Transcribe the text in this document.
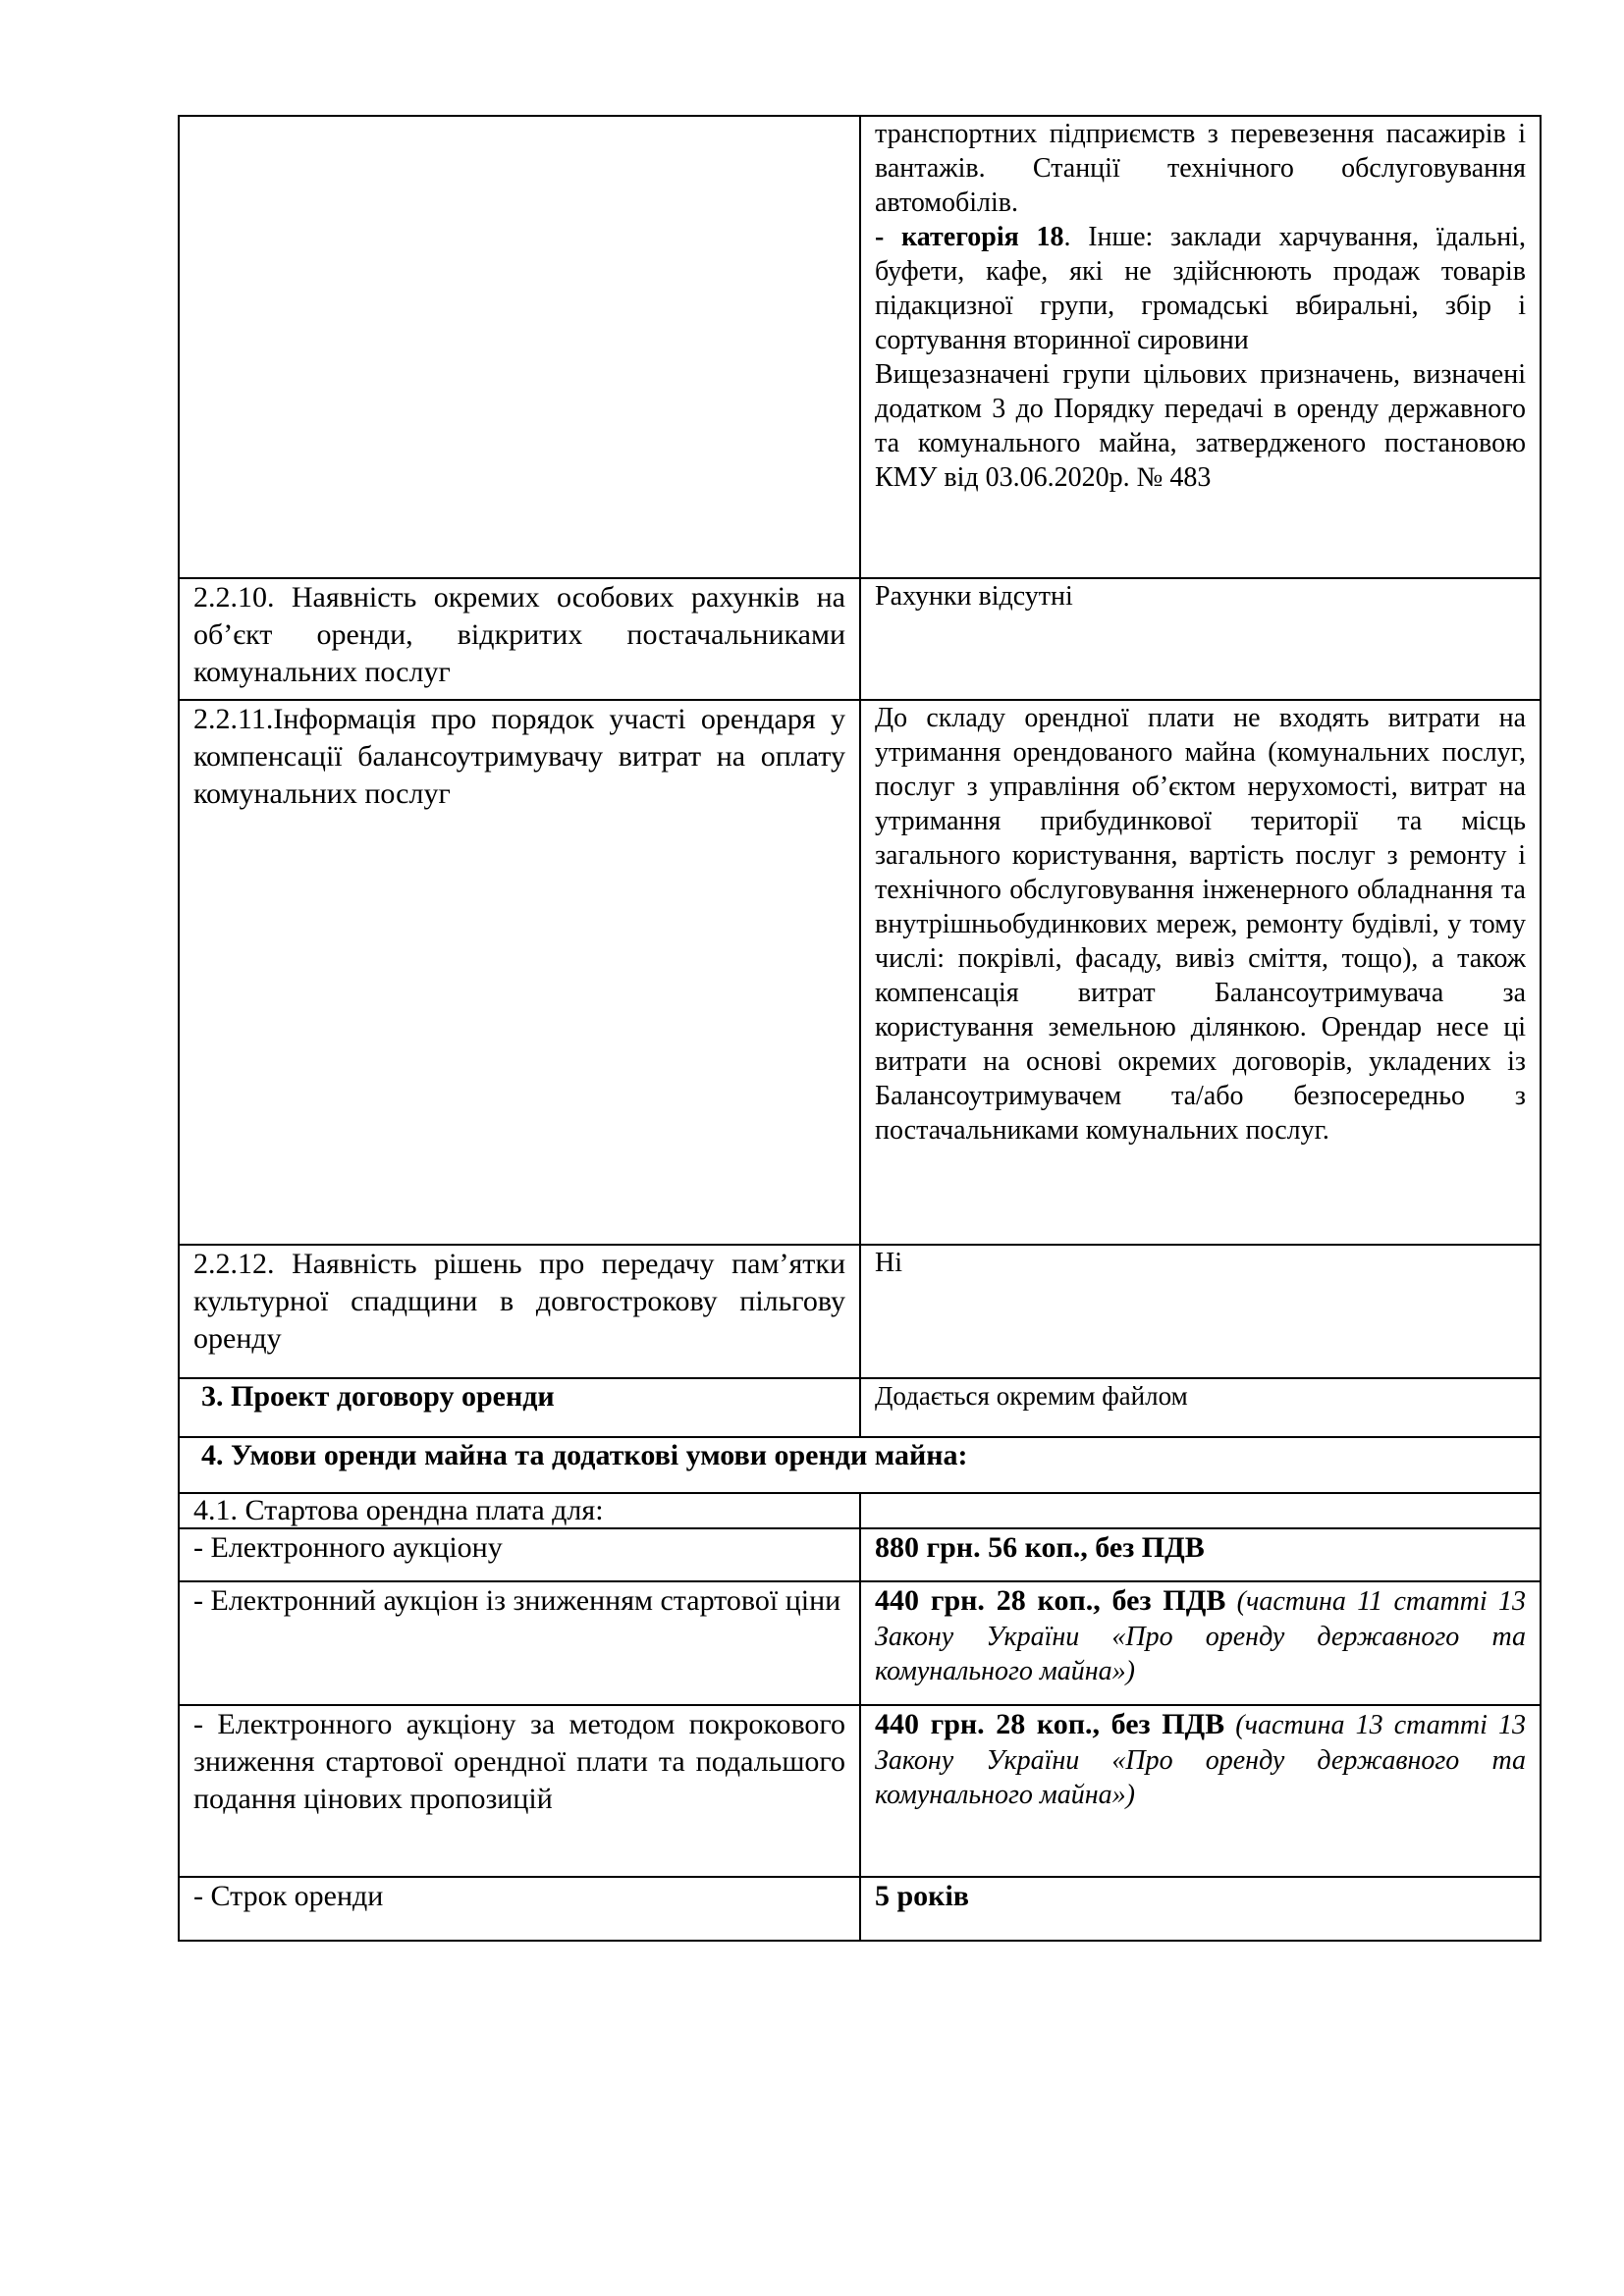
	транспортних підприємств з перевезення пасажирів і вантажів. Станції технічного обслуговування автомобілів.

- категорія 18. Інше: заклади харчування, їдальні, буфети, кафе, які не здійснюють продаж товарів підакцизної групи, громадські вбиральні, збір і сортування вторинної сировини

Вищезазначені групи цільових призначень, визначені додатком 3 до Порядку передачі в оренду державного та комунального майна, затвердженого постановою КМУ від 03.06.2020р. № 483

2.2.10. Наявність окремих особових рахунків на об’єкт оренди, відкритих постачальниками комунальних послуг	Рахунки відсутні
2.2.11.Інформація про порядок участі орендаря у компенсації балансоутримувачу витрат на оплату комунальних послуг	До складу орендної плати не входять витрати на утримання орендованого майна (комунальних послуг, послуг з управління об’єктом нерухомості, витрат на утримання прибудинкової території та місць загального користування, вартість послуг з ремонту і технічного обслуговування інженерного обладнання та внутрішньобудинкових мереж, ремонту будівлі, у тому числі: покрівлі, фасаду, вивіз сміття, тощо), а також компенсація витрат Балансоутримувача за користування земельною ділянкою. Орендар несе ці витрати на основі окремих договорів, укладених із Балансоутримувачем та/або безпосередньо з постачальниками комунальних послуг.
2.2.12. Наявність рішень про передачу пам’ятки культурної спадщини в довгострокову пільгову оренду	Ні
3. Проект договору оренди	Додається окремим файлом
4. Умови оренди майна та додаткові умови оренди майна:	
4.1. Стартова орендна плата для:	
- Електронного аукціону	880 грн. 56 коп., без ПДВ
- Електронний аукціон із зниженням стартової ціни	440 грн. 28 коп., без ПДВ (частина 11 статті 13 Закону України «Про оренду державного та комунального майна»)
- Електронного аукціону за методом покрокового зниження стартової орендної плати та подальшого подання цінових пропозицій	440 грн. 28 коп., без ПДВ (частина 13 статті 13 Закону України «Про оренду державного та комунального майна»)
- Строк оренди	5 років
